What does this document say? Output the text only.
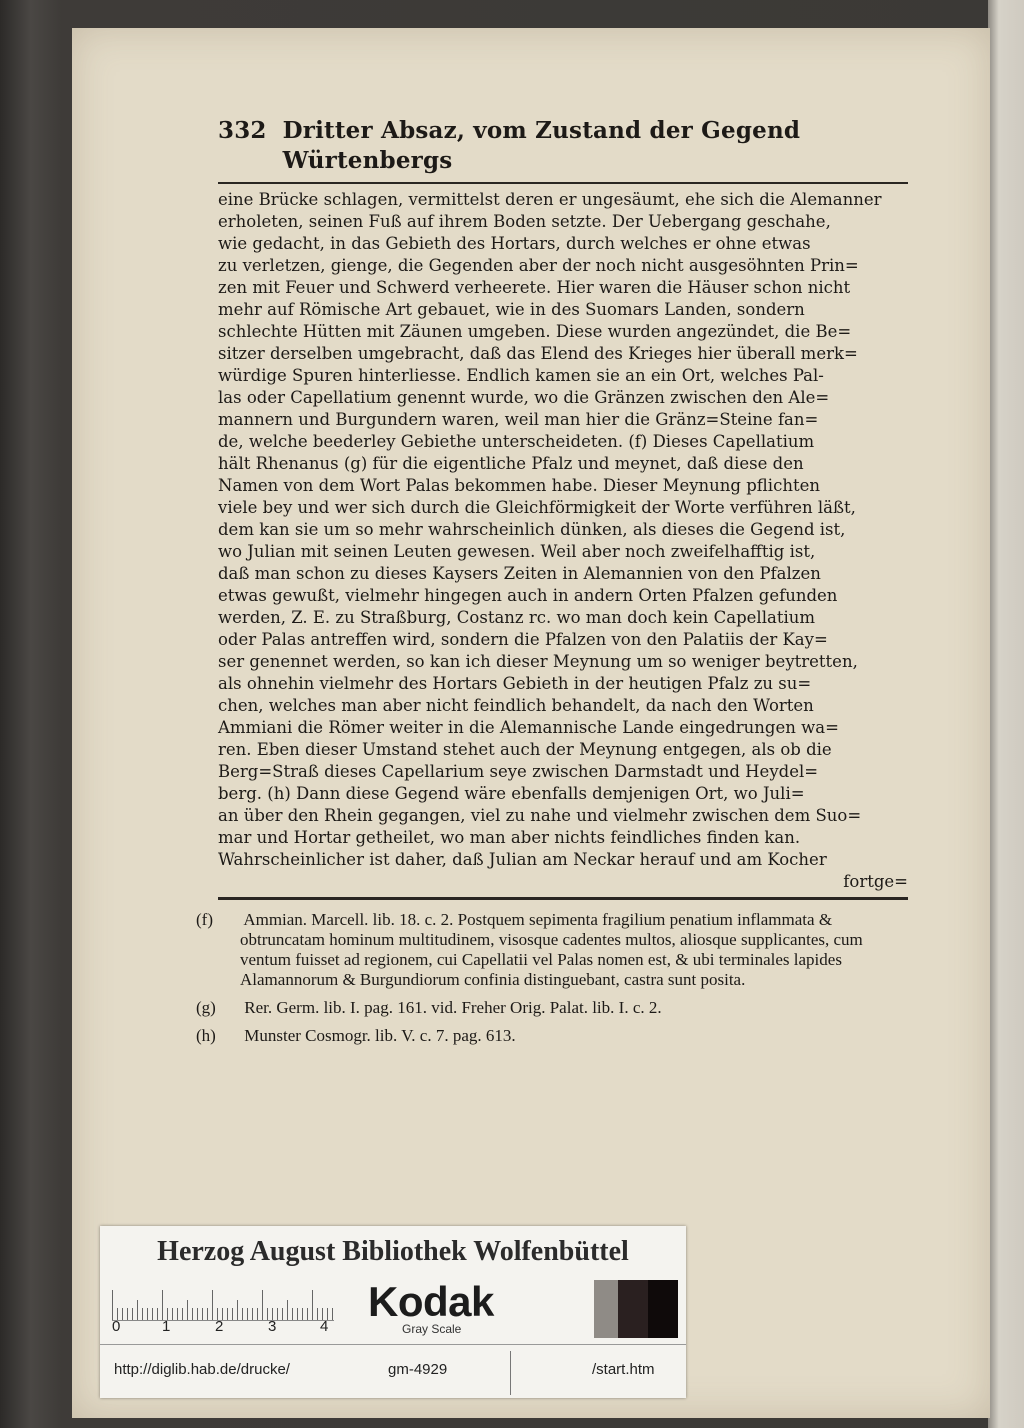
332 Dritter Absaz, vom Zustand der Gegend Würtenbergs

eine Brücke schlagen, vermittelst deren er ungesäumt, ehe sich die Alemanner

erholeten, seinen Fuß auf ihrem Boden setzte. Der Uebergang geschahe,

wie gedacht, in das Gebieth des Hortars, durch welches er ohne etwas

zu verletzen, gienge, die Gegenden aber der noch nicht ausgesöhnten Prin=

zen mit Feuer und Schwerd verheerete. Hier waren die Häuser schon nicht

mehr auf Römische Art gebauet, wie in des Suomars Landen, sondern

schlechte Hütten mit Zäunen umgeben. Diese wurden angezündet, die Be=

sitzer derselben umgebracht, daß das Elend des Krieges hier überall merk=

würdige Spuren hinterliesse. Endlich kamen sie an ein Ort, welches Pal-

las oder Capellatium genennt wurde, wo die Gränzen zwischen den Ale=

mannern und Burgundern waren, weil man hier die Gränz=Steine fan=

de, welche beederley Gebiethe unterscheideten. (f) Dieses Capellatium

hält Rhenanus (g) für die eigentliche Pfalz und meynet, daß diese den

Namen von dem Wort Palas bekommen habe. Dieser Meynung pflichten

viele bey und wer sich durch die Gleichförmigkeit der Worte verführen läßt,

dem kan sie um so mehr wahrscheinlich dünken, als dieses die Gegend ist,

wo Julian mit seinen Leuten gewesen. Weil aber noch zweifelhafftig ist,

daß man schon zu dieses Kaysers Zeiten in Alemannien von den Pfalzen

etwas gewußt, vielmehr hingegen auch in andern Orten Pfalzen gefunden

werden, Z. E. zu Straßburg, Costanz rc. wo man doch kein Capellatium

oder Palas antreffen wird, sondern die Pfalzen von den Palatiis der Kay=

ser genennet werden, so kan ich dieser Meynung um so weniger beytretten,

als ohnehin vielmehr des Hortars Gebieth in der heutigen Pfalz zu su=

chen, welches man aber nicht feindlich behandelt, da nach den Worten

Ammiani die Römer weiter in die Alemannische Lande eingedrungen wa=

ren. Eben dieser Umstand stehet auch der Meynung entgegen, als ob die

Berg=Straß dieses Capellarium seye zwischen Darmstadt und Heydel=

berg. (h) Dann diese Gegend wäre ebenfalls demjenigen Ort, wo Juli=

an über den Rhein gegangen, viel zu nahe und vielmehr zwischen dem Suo=

mar und Hortar getheilet, wo man aber nichts feindliches finden kan.

Wahrscheinlicher ist daher, daß Julian am Neckar herauf und am Kocher

fortge=

(f) Ammian. Marcell. lib. 18. c. 2. Postquem sepimenta fragilium penatium inflammata & obtruncatam hominum multitudinem, visosque cadentes multos, aliosque supplicantes, cum ventum fuisset ad regionem, cui Capellatii vel Palas nomen est, & ubi terminales lapides Alamannorum & Burgundiorum confinia distinguebant, castra sunt posita.

(g) Rer. Germ. lib. I. pag. 161. vid. Freher Orig. Palat. lib. I. c. 2.

(h) Munster Cosmogr. lib. V. c. 7. pag. 613.

Herzog August Bibliothek Wolfenbüttel
0	1	2	3	4
Kodak
Gray Scale
http://diglib.hab.de/drucke/	gm-4929	/start.htm
